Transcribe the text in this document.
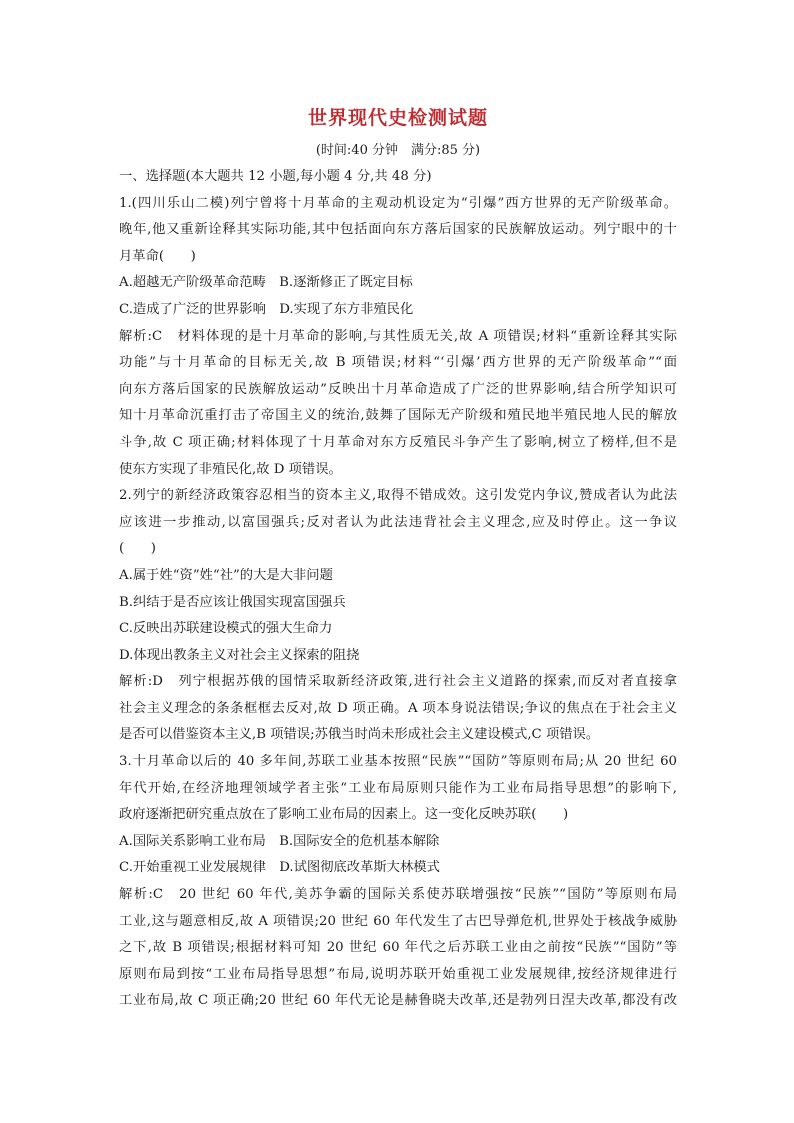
世界现代史检测试题
(时间:40 分钟　满分:85 分)
一、选择题(本大题共 12 小题,每小题 4 分,共 48 分)
1.(四川乐山二模)列宁曾将十月革命的主观动机设定为“引爆”西方世界的无产阶级革命。
晚年,他又重新诠释其实际功能,其中包括面向东方落后国家的民族解放运动。列宁眼中的十
月革命(　　)
A.超越无产阶级革命范畴　B.逐渐修正了既定目标
C.造成了广泛的世界影响　D.实现了东方非殖民化
解析:C　材料体现的是十月革命的影响,与其性质无关,故 A 项错误;材料“重新诠释其实际
功能”与十月革命的目标无关,故 B 项错误;材料“‘引爆’西方世界的无产阶级革命”“面
向东方落后国家的民族解放运动”反映出十月革命造成了广泛的世界影响,结合所学知识可
知十月革命沉重打击了帝国主义的统治,鼓舞了国际无产阶级和殖民地半殖民地人民的解放
斗争,故 C 项正确;材料体现了十月革命对东方反殖民斗争产生了影响,树立了榜样,但不是
使东方实现了非殖民化,故 D 项错误。
2.列宁的新经济政策容忍相当的资本主义,取得不错成效。这引发党内争议,赞成者认为此法
应该进一步推动,以富国强兵;反对者认为此法违背社会主义理念,应及时停止。这一争议
(　　)
A.属于姓“资”姓“社”的大是大非问题
B.纠结于是否应该让俄国实现富国强兵
C.反映出苏联建设模式的强大生命力
D.体现出教条主义对社会主义探索的阻挠
解析:D　列宁根据苏俄的国情采取新经济政策,进行社会主义道路的探索,而反对者直接拿
社会主义理念的条条框框去反对,故 D 项正确。A 项本身说法错误;争议的焦点在于社会主义
是否可以借鉴资本主义,B 项错误;苏俄当时尚未形成社会主义建设模式,C 项错误。
3.十月革命以后的 40 多年间,苏联工业基本按照“民族”“国防”等原则布局;从 20 世纪 60
年代开始,在经济地理领域学者主张“工业布局原则只能作为工业布局指导思想”的影响下,
政府逐渐把研究重点放在了影响工业布局的因素上。这一变化反映苏联(　　)
A.国际关系影响工业布局　B.国际安全的危机基本解除
C.开始重视工业发展规律　D.试图彻底改革斯大林模式
解析:C　20 世纪 60 年代,美苏争霸的国际关系使苏联增强按“民族”“国防”等原则布局
工业,这与题意相反,故 A 项错误;20 世纪 60 年代发生了古巴导弹危机,世界处于核战争威胁
之下,故 B 项错误;根据材料可知 20 世纪 60 年代之后苏联工业由之前按“民族”“国防”等
原则布局到按“工业布局指导思想”布局,说明苏联开始重视工业发展规律,按经济规律进行
工业布局,故 C 项正确;20 世纪 60 年代无论是赫鲁晓夫改革,还是勃列日涅夫改革,都没有改
